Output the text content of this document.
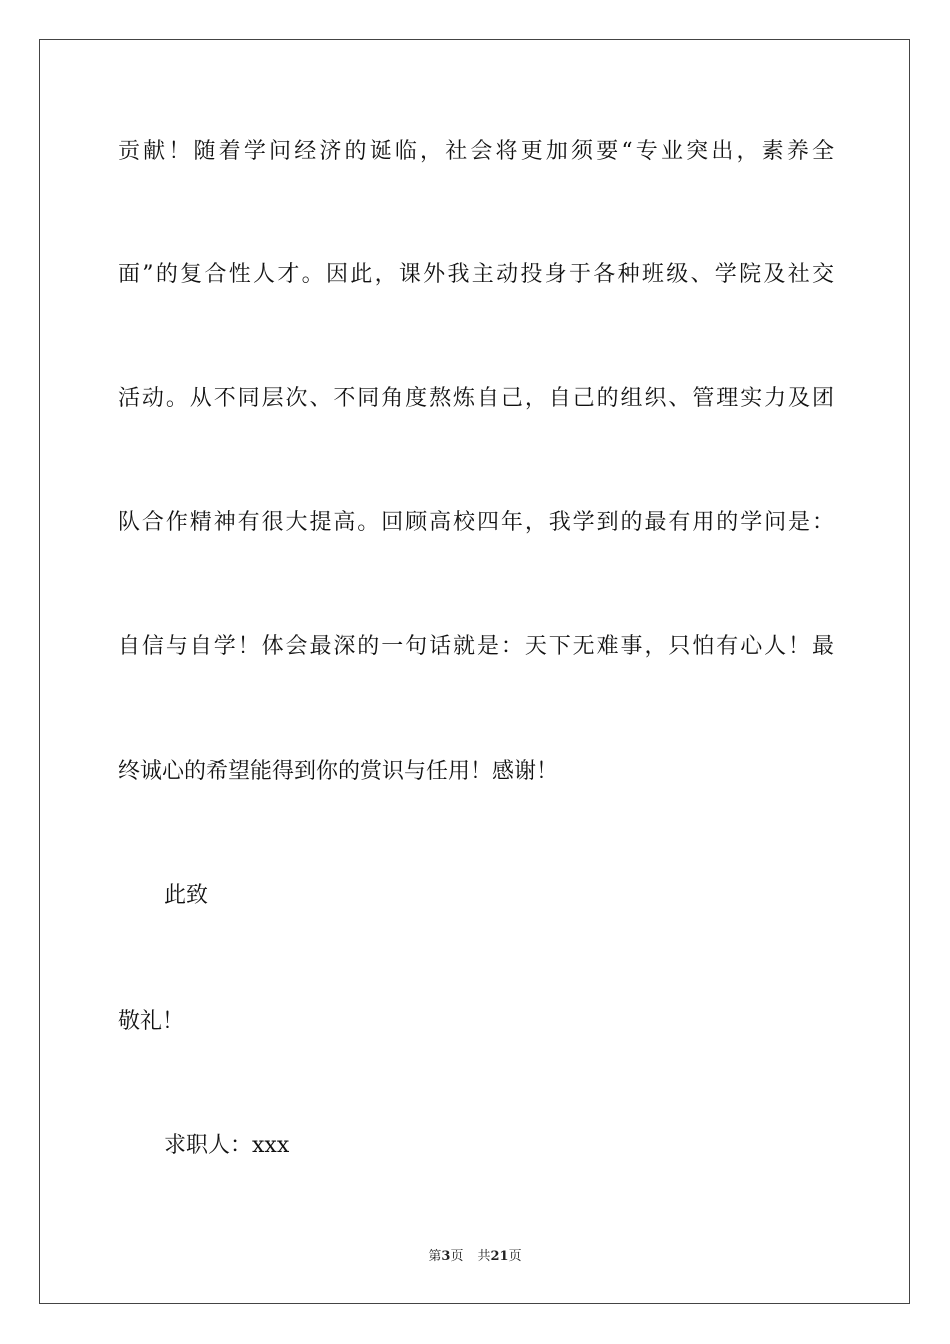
贡献！随着学问经济的诞临，社会将更加须要“专业突出，素养全
面”的复合性人才。因此，课外我主动投身于各种班级、学院及社交
活动。从不同层次、不同角度熬炼自己，自己的组织、管理实力及团
队合作精神有很大提高。回顾高校四年，我学到的最有用的学问是：
自信与自学！体会最深的一句话就是：天下无难事，只怕有心人！最
终诚心的希望能得到你的赏识与任用！感谢！
此致
敬礼！
求职人：xxx
第3页 共21页
